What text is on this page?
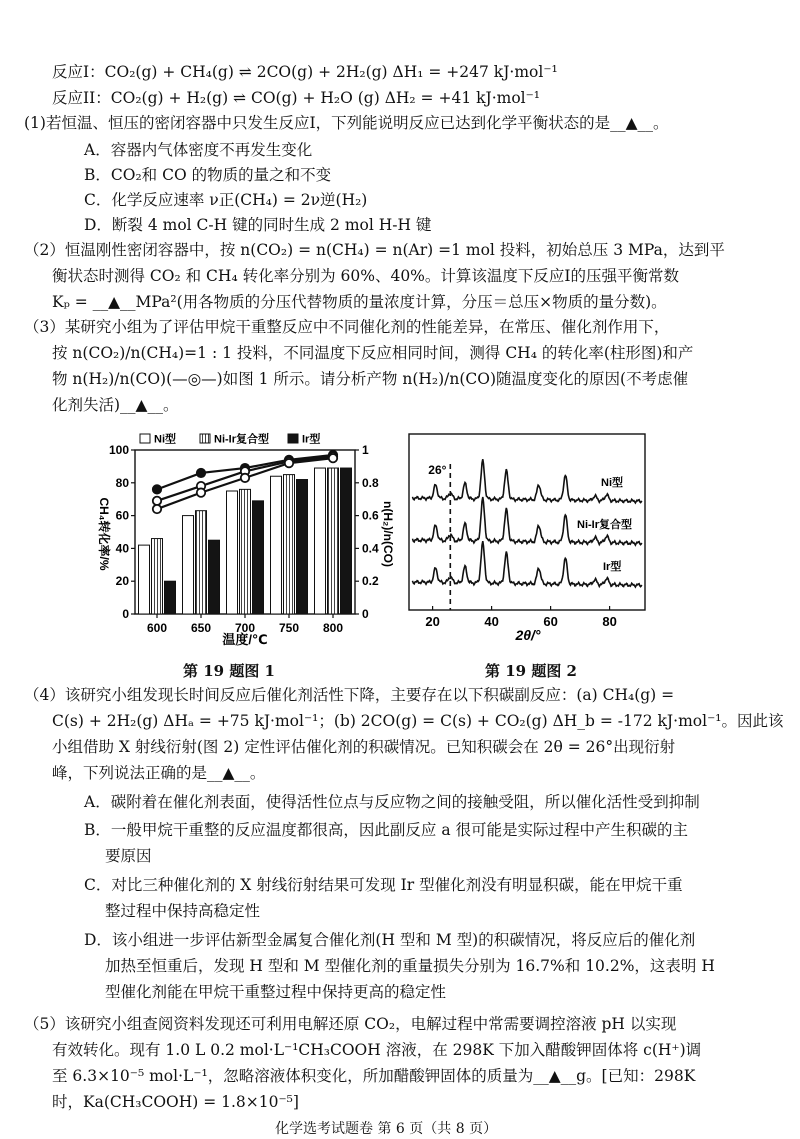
反应I：CO₂(g) + CH₄(g) ⇌ 2CO(g) + 2H₂(g) ΔH₁ = +247 kJ·mol⁻¹
反应II：CO₂(g) + H₂(g) ⇌ CO(g) + H₂O (g) ΔH₂ = +41 kJ·mol⁻¹
(1)若恒温、恒压的密闭容器中只发生反应I，下列能说明反应已达到化学平衡状态的是__▲__。
A．容器内气体密度不再发生变化
B．CO₂和 CO 的物质的量之和不变
C．化学反应速率 ν正(CH₄) = 2ν逆(H₂)
D．断裂 4 mol C-H 键的同时生成 2 mol H-H 键
（2）恒温刚性密闭容器中，按 n(CO₂) = n(CH₄) = n(Ar) =1 mol 投料，初始总压 3 MPa，达到平
衡状态时测得 CO₂ 和 CH₄ 转化率分别为 60%、40%。计算该温度下反应I的压强平衡常数
Kₚ = __▲__MPa²(用各物质的分压代替物质的量浓度计算，分压＝总压×物质的量分数)。
（3）某研究小组为了评估甲烷干重整反应中不同催化剂的性能差异，在常压、催化剂作用下，
按 n(CO₂)/n(CH₄)=1 : 1 投料，不同温度下反应相同时间，测得 CH₄ 的转化率(柱形图)和产
物 n(H₂)/n(CO)(—◎—)如图 1 所示。请分析产物 n(H₂)/n(CO)随温度变化的原因(不考虑催
化剂失活)__▲__。
Ni型	Ni-Ir复合型	Ir型
0
20
40
60
80
100
0
0.2
0.4
0.6
0.8
1
600 650 700 750 800
CH₄转化率/%	n(H₂)/n(CO)
温度/℃
Ni型
Ni-Ir复合型
Ir型
26°
20	40	60	80
2θ/°
第 19 题图 1	第 19 题图 2
（4）该研究小组发现长时间反应后催化剂活性下降，主要存在以下积碳副反应：(a) CH₄(g) =
C(s) + 2H₂(g) ΔHₐ = +75 kJ·mol⁻¹；(b) 2CO(g) = C(s) + CO₂(g) ΔH_b = -172 kJ·mol⁻¹。因此该
小组借助 X 射线衍射(图 2) 定性评估催化剂的积碳情况。已知积碳会在 2θ = 26°出现衍射
峰，下列说法正确的是__▲__。
A．碳附着在催化剂表面，使得活性位点与反应物之间的接触受阻，所以催化活性受到抑制
B．一般甲烷干重整的反应温度都很高，因此副反应 a 很可能是实际过程中产生积碳的主
要原因
C．对比三种催化剂的 X 射线衍射结果可发现 Ir 型催化剂没有明显积碳，能在甲烷干重
整过程中保持高稳定性
D．该小组进一步评估新型金属复合催化剂(H 型和 M 型)的积碳情况，将反应后的催化剂
加热至恒重后，发现 H 型和 M 型催化剂的重量损失分别为 16.7%和 10.2%，这表明 H
型催化剂能在甲烷干重整过程中保持更高的稳定性
（5）该研究小组查阅资料发现还可利用电解还原 CO₂，电解过程中常需要调控溶液 pH 以实现
有效转化。现有 1.0 L 0.2 mol·L⁻¹CH₃COOH 溶液，在 298K 下加入醋酸钾固体将 c(H⁺)调
至 6.3×10⁻⁵ mol·L⁻¹，忽略溶液体积变化，所加醋酸钾固体的质量为__▲__g。[已知：298K
时，Ka(CH₃COOH) = 1.8×10⁻⁵]
化学选考试题卷 第 6 页（共 8 页）
